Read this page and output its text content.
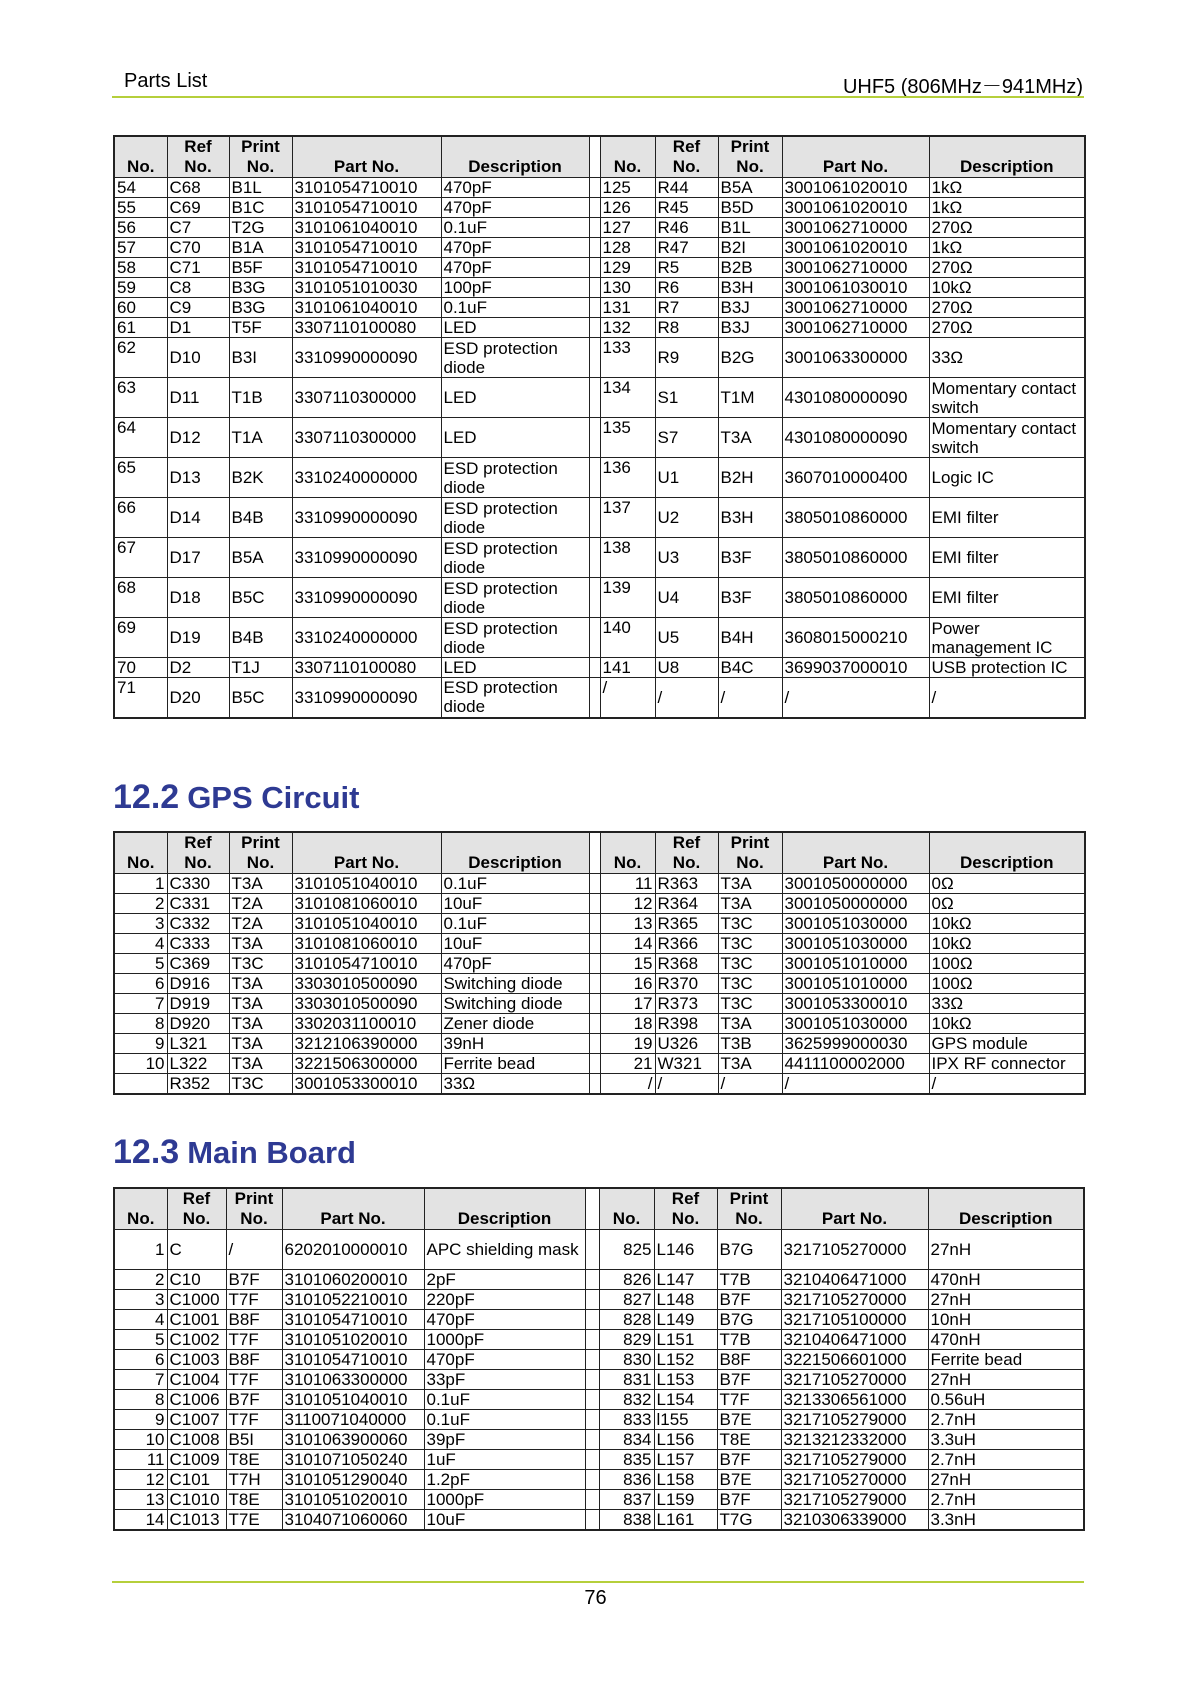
Parts List	UHF5 (806MHz－941MHz)
No.	Ref No.	Print No.	Part No.	Description		No.	Ref No.	Print No.	Part No.	Description
54	C68	B1L	3101054710010	470pF		125	R44	B5A	3001061020010	1kΩ
55	C69	B1C	3101054710010	470pF		126	R45	B5D	3001061020010	1kΩ
56	C7	T2G	3101061040010	0.1uF		127	R46	B1L	3001062710000	270Ω
57	C70	B1A	3101054710010	470pF		128	R47	B2I	3001061020010	1kΩ
58	C71	B5F	3101054710010	470pF		129	R5	B2B	3001062710000	270Ω
59	C8	B3G	3101051010030	100pF		130	R6	B3H	3001061030010	10kΩ
60	C9	B3G	3101061040010	0.1uF		131	R7	B3J	3001062710000	270Ω
61	D1	T5F	3307110100080	LED		132	R8	B3J	3001062710000	270Ω
62	D10	B3I	3310990000090	ESD protection diode		133	R9	B2G	3001063300000	33Ω
63	D11	T1B	3307110300000	LED		134	S1	T1M	4301080000090	Momentary contact switch
64	D12	T1A	3307110300000	LED		135	S7	T3A	4301080000090	Momentary contact switch
65	D13	B2K	3310240000000	ESD protection diode		136	U1	B2H	3607010000400	Logic IC
66	D14	B4B	3310990000090	ESD protection diode		137	U2	B3H	3805010860000	EMI filter
67	D17	B5A	3310990000090	ESD protection diode		138	U3	B3F	3805010860000	EMI filter
68	D18	B5C	3310990000090	ESD protection diode		139	U4	B3F	3805010860000	EMI filter
69	D19	B4B	3310240000000	ESD protection diode		140	U5	B4H	3608015000210	Power management IC
70	D2	T1J	3307110100080	LED		141	U8	B4C	3699037000010	USB protection IC
71	D20	B5C	3310990000090	ESD protection diode		/	/	/	/	/
12.2 GPS Circuit
No.	Ref No.	Print No.	Part No.	Description		No.	Ref No.	Print No.	Part No.	Description
1	C330	T3A	3101051040010	0.1uF		11	R363	T3A	3001050000000	0Ω
2	C331	T2A	3101081060010	10uF		12	R364	T3A	3001050000000	0Ω
3	C332	T2A	3101051040010	0.1uF		13	R365	T3C	3001051030000	10kΩ
4	C333	T3A	3101081060010	10uF		14	R366	T3C	3001051030000	10kΩ
5	C369	T3C	3101054710010	470pF		15	R368	T3C	3001051010000	100Ω
6	D916	T3A	3303010500090	Switching diode		16	R370	T3C	3001051010000	100Ω
7	D919	T3A	3303010500090	Switching diode		17	R373	T3C	3001053300010	33Ω
8	D920	T3A	3302031100010	Zener diode		18	R398	T3A	3001051030000	10kΩ
9	L321	T3A	3212106390000	39nH		19	U326	T3B	3625999000030	GPS module
10	L322	T3A	3221506300000	Ferrite bead		21	W321	T3A	4411100002000	IPX RF connector
	R352	T3C	3001053300010	33Ω		/	/	/	/	/
12.3 Main Board
No.	Ref No.	Print No.	Part No.	Description		No.	Ref No.	Print No.	Part No.	Description
1	C	/	6202010000010	APC shielding mask		825	L146	B7G	3217105270000	27nH
2	C10	B7F	3101060200010	2pF		826	L147	T7B	3210406471000	470nH
3	C1000	T7F	3101052210010	220pF		827	L148	B7F	3217105270000	27nH
4	C1001	B8F	3101054710010	470pF		828	L149	B7G	3217105100000	10nH
5	C1002	T7F	3101051020010	1000pF		829	L151	T7B	3210406471000	470nH
6	C1003	B8F	3101054710010	470pF		830	L152	B8F	3221506601000	Ferrite bead
7	C1004	T7F	3101063300000	33pF		831	L153	B7F	3217105270000	27nH
8	C1006	B7F	3101051040010	0.1uF		832	L154	T7F	3213306561000	0.56uH
9	C1007	T7F	3110071040000	0.1uF		833	l155	B7E	3217105279000	2.7nH
10	C1008	B5I	3101063900060	39pF		834	L156	T8E	3213212332000	3.3uH
11	C1009	T8E	3101071050240	1uF		835	L157	B7F	3217105279000	2.7nH
12	C101	T7H	3101051290040	1.2pF		836	L158	B7E	3217105270000	27nH
13	C1010	T8E	3101051020010	1000pF		837	L159	B7F	3217105279000	2.7nH
14	C1013	T7E	3104071060060	10uF		838	L161	T7G	3210306339000	3.3nH
76
